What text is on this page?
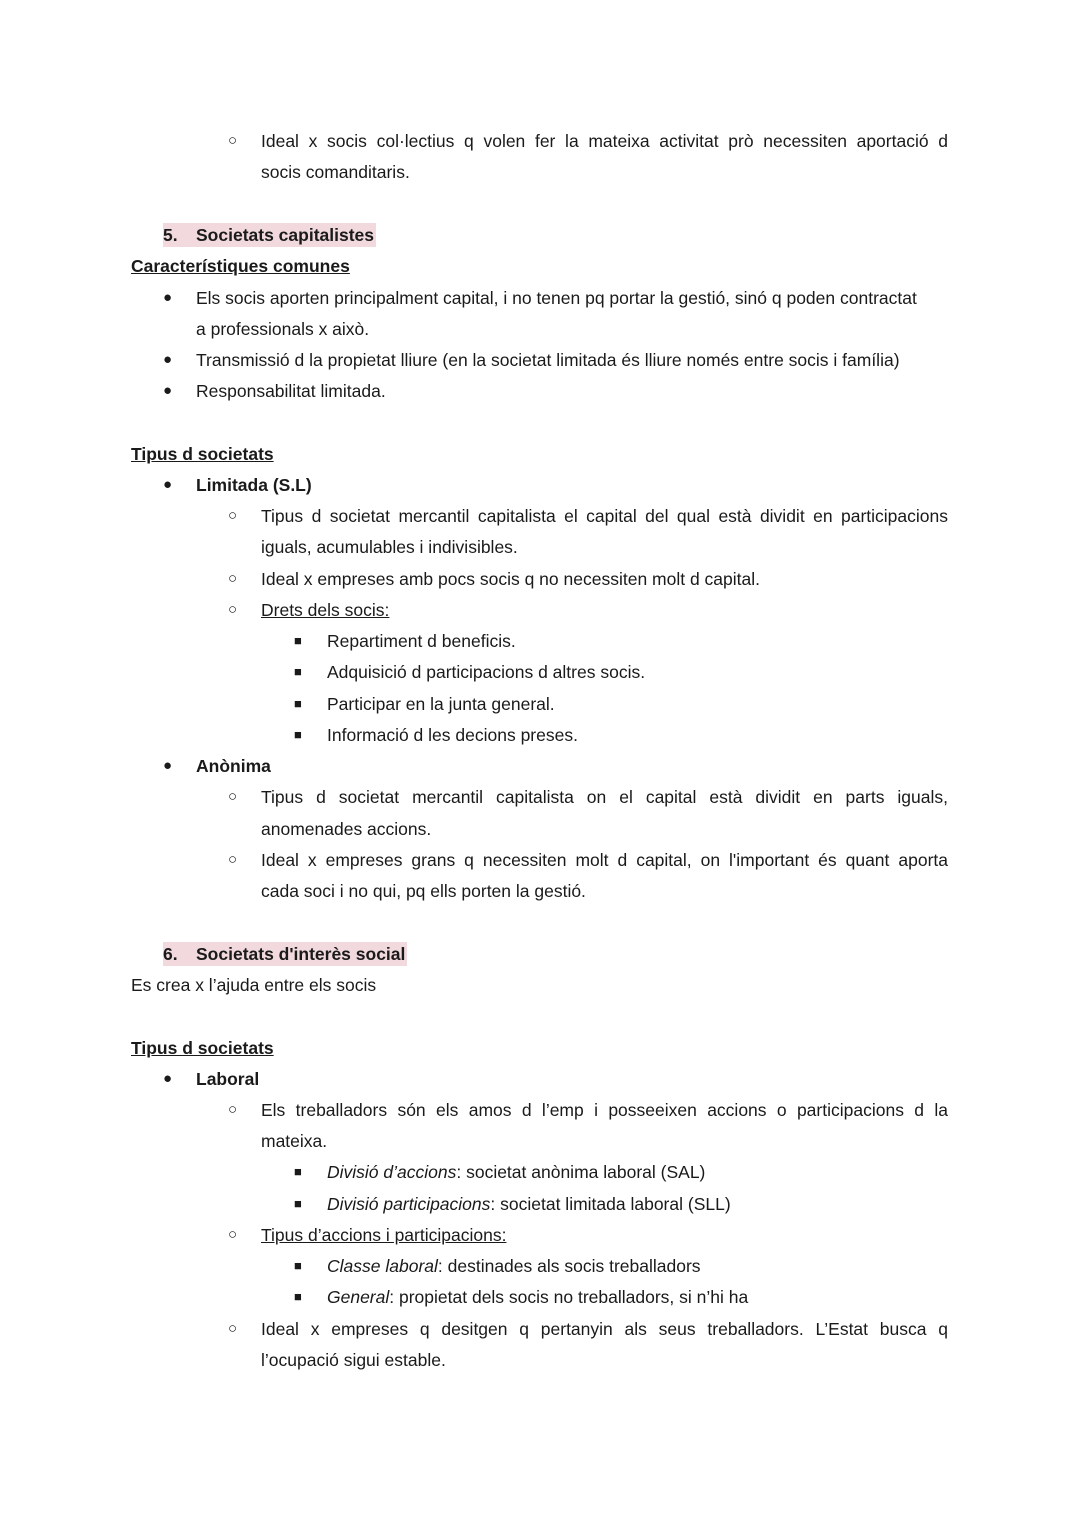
○ Ideal x socis col·lectius q volen fer la mateixa activitat prò necessiten aportació d
socis comanditaris.
5. Societats capitalistes
Característiques comunes
● Els socis aporten principalment capital, i no tenen pq portar la gestió, sinó q poden contractat
a professionals x això.
● Transmissió d la propietat lliure (en la societat limitada és lliure només entre socis i família)
● Responsabilitat limitada.
Tipus d societats
● Limitada (S.L)
○ Tipus d societat mercantil capitalista el capital del qual està dividit en participacions
iguals, acumulables i indivisibles.
○ Ideal x empreses amb pocs socis q no necessiten molt d capital.
○ Drets dels socis:
■ Repartiment d beneficis.
■ Adquisició d participacions d altres socis.
■ Participar en la junta general.
■ Informació d les decions preses.
● Anònima
○ Tipus d societat mercantil capitalista on el capital està dividit en parts iguals,
anomenades accions.
○ Ideal x empreses grans q necessiten molt d capital, on l'important és quant aporta
cada soci i no qui, pq ells porten la gestió.
6. Societats d'interès social
Es crea x l’ajuda entre els socis
Tipus d societats
● Laboral
○ Els treballadors són els amos d l’emp i posseeixen accions o participacions d la
mateixa.
■ Divisió d’accions: societat anònima laboral (SAL)
■ Divisió participacions: societat limitada laboral (SLL)
○ Tipus d’accions i participacions:
■ Classe laboral: destinades als socis treballadors
■ General: propietat dels socis no treballadors, si n’hi ha
○ Ideal x empreses q desitgen q pertanyin als seus treballadors. L’Estat busca q
l’ocupació sigui estable.
